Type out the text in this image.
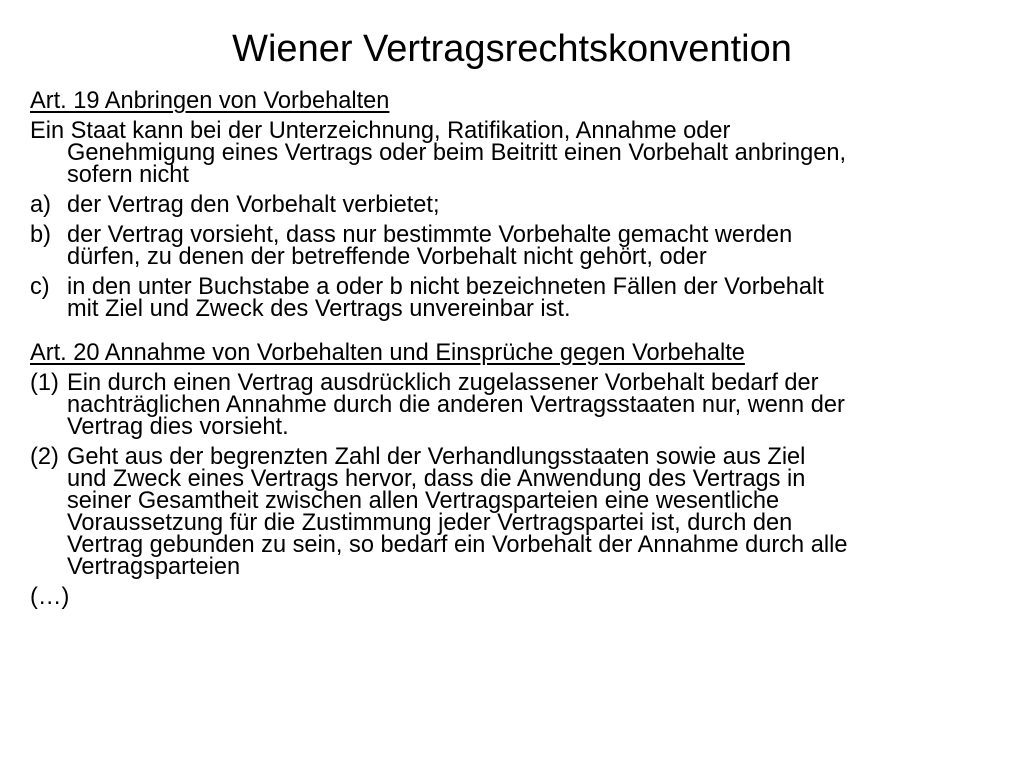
Wiener Vertragsrechtskonvention
Art. 19 Anbringen von Vorbehalten
Ein Staat kann bei der Unterzeichnung, Ratifikation, Annahme oder
Genehmigung eines Vertrags oder beim Beitritt einen Vorbehalt anbringen,
sofern nicht
a) der Vertrag den Vorbehalt verbietet;
b) der Vertrag vorsieht, dass nur bestimmte Vorbehalte gemacht werden
dürfen, zu denen der betreffende Vorbehalt nicht gehört, oder
c) in den unter Buchstabe a oder b nicht bezeichneten Fällen der Vorbehalt
mit Ziel und Zweck des Vertrags unvereinbar ist.
Art. 20 Annahme von Vorbehalten und Einsprüche gegen Vorbehalte
(1) Ein durch einen Vertrag ausdrücklich zugelassener Vorbehalt bedarf der
nachträglichen Annahme durch die anderen Vertragsstaaten nur, wenn der
Vertrag dies vorsieht.
(2) Geht aus der begrenzten Zahl der Verhandlungsstaaten sowie aus Ziel
und Zweck eines Vertrags hervor, dass die Anwendung des Vertrags in
seiner Gesamtheit zwischen allen Vertragsparteien eine wesentliche
Voraussetzung für die Zustimmung jeder Vertragspartei ist, durch den
Vertrag gebunden zu sein, so bedarf ein Vorbehalt der Annahme durch alle
Vertragsparteien
(…)
